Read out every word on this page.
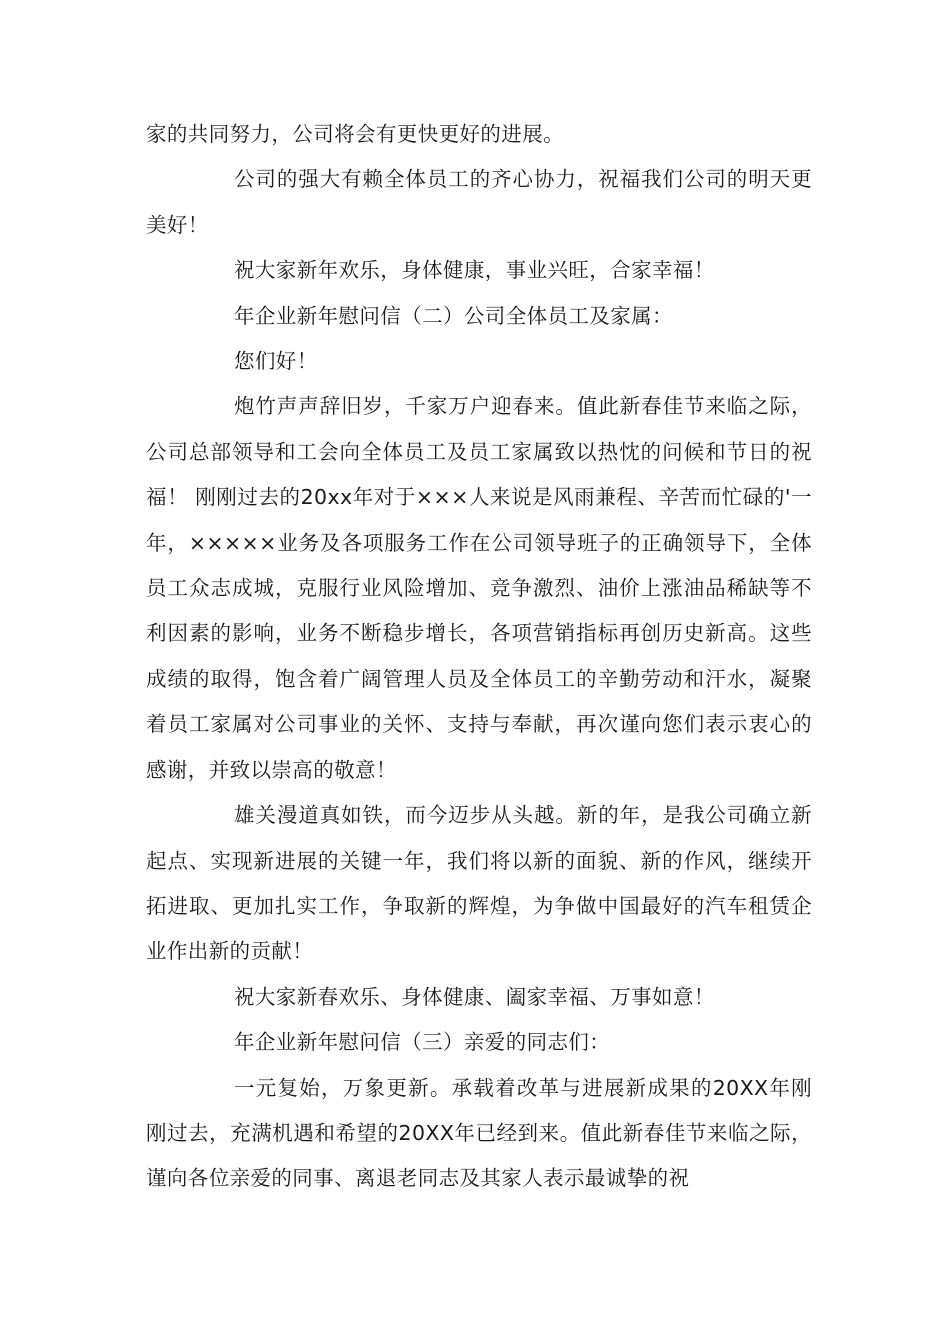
家的共同努力，公司将会有更快更好的进展。

公司的强大有赖全体员工的齐心协力，祝福我们公司的明天更美好！

祝大家新年欢乐，身体健康，事业兴旺，合家幸福！

年企业新年慰问信（二）公司全体员工及家属：

您们好！

炮竹声声辞旧岁，千家万户迎春来。值此新春佳节来临之际，公司总部领导和工会向全体员工及员工家属致以热忱的问候和节日的祝福！ 刚刚过去的20xx年对于×××人来说是风雨兼程、辛苦而忙碌的'一年，×××××业务及各项服务工作在公司领导班子的正确领导下，全体员工众志成城，克服行业风险增加、竞争激烈、油价上涨油品稀缺等不利因素的影响，业务不断稳步增长，各项营销指标再创历史新高。这些成绩的取得，饱含着广阔管理人员及全体员工的辛勤劳动和汗水，凝聚着员工家属对公司事业的关怀、支持与奉献，再次谨向您们表示衷心的感谢，并致以崇高的敬意！

雄关漫道真如铁，而今迈步从头越。新的年，是我公司确立新起点、实现新进展的关键一年，我们将以新的面貌、新的作风，继续开拓进取、更加扎实工作，争取新的辉煌，为争做中国最好的汽车租赁企业作出新的贡献！

祝大家新春欢乐、身体健康、阖家幸福、万事如意！

年企业新年慰问信（三）亲爱的同志们：

一元复始，万象更新。承载着改革与进展新成果的20XX年刚刚过去，充满机遇和希望的20XX年已经到来。值此新春佳节来临之际，谨向各位亲爱的同事、离退老同志及其家人表示最诚挚的祝
